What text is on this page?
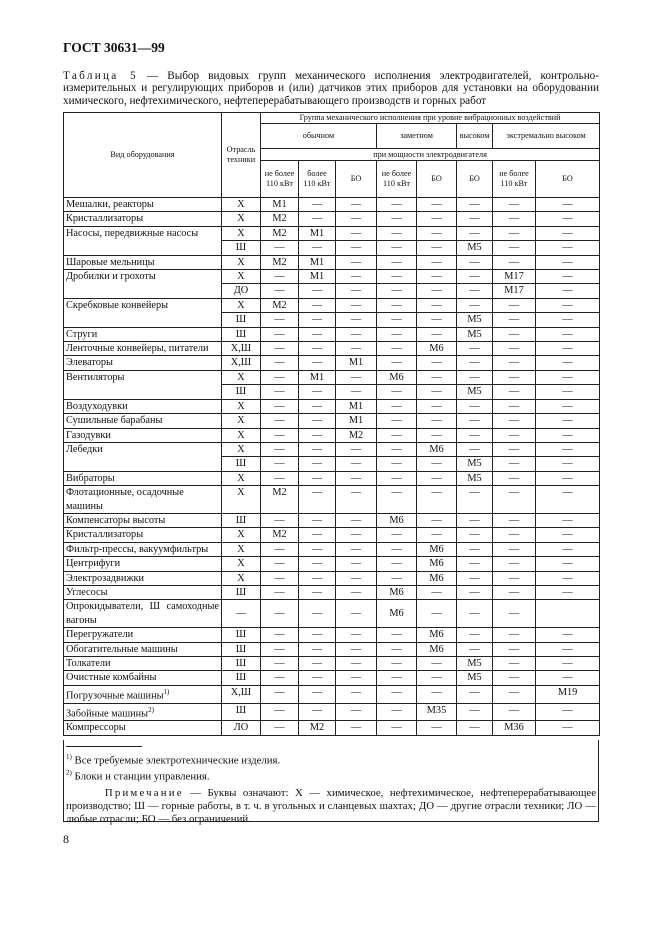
ГОСТ 30631—99
Таблица 5 — Выбор видовых групп механического исполнения электродвигателей, контрольно-измерительных и регулирующих приборов и (или) датчиков этих приборов для установки на оборудовании химического, нефтехимического, нефтеперерабатывающего производств и горных работ
Вид оборудования	Отрасль техники	Группа механического исполнения при уровне вибрационных воздействий							
		обычном			заметном		высоком	экстремально высоком	
		при мощности электродвигателя							
		не более 110 кВт	более 110 кВт	БО	не более 110 кВт	БО	БО	не более 110 кВт	БО
Мешалки, реакторы	Х	М1	—	—	—	—	—	—	—
Кристаллизаторы	Х	М2	—	—	—	—	—	—	—
Насосы, передвижные насосы	Х	М2	М1	—	—	—	—	—	—
	Ш	—	—	—	—	—	М5	—	—
Шаровые мельницы	Х	М2	М1	—	—	—	—	—	—
Дробилки и грохоты	Х	—	М1	—	—	—	—	М17	—
	ДО	—	—	—	—	—	—	М17	—
Скребковые конвейеры	Х	М2	—	—	—	—	—	—	—
	Ш	—	—	—	—	—	М5	—	—
Струги	Ш	—	—	—	—	—	М5	—	—
Ленточные конвейеры, питатели	Х,Ш	—	—	—	—	М6	—	—	—
Элеваторы	Х,Ш	—	—	М1	—	—	—	—	—
Вентиляторы	Х	—	М1	—	М6	—	—	—	—
	Ш	—	—	—	—	—	М5	—	—
Воздуходувки	Х	—	—	М1	—	—	—	—	—
Сушильные барабаны	Х	—	—	М1	—	—	—	—	—
Газодувки	Х	—	—	М2	—	—	—	—	—
Лебедки	Х	—	—	—	—	М6	—	—	—
	Ш	—	—	—	—	—	М5	—	—
Вибраторы	Х	—	—	—	—	—	М5	—	—
Флотационные, осадочные машины	Х	М2	—	—	—	—	—	—	—
Компенсаторы высоты	Ш	—	—	—	М6	—	—	—	—
Кристаллизаторы	Х	М2	—	—	—	—	—	—	—
Фильтр-прессы, вакуумфильтры	Х	—	—	—	—	М6	—	—	—
Центрифуги	Х	—	—	—	—	М6	—	—	—
Электрозадвижки	Х	—	—	—	—	М6	—	—	—
Углесосы	Ш	—	—	—	М6	—	—	—	—
Опрокидыватели, Ш самоходные вагоны	—	—	—	—	М6	—	—	—	
Перегружатели	Ш	—	—	—	—	М6	—	—	—
Обогатительные машины	Ш	—	—	—	—	М6	—	—	—
Толкатели	Ш	—	—	—	—	—	М5	—	—
Очистные комбайны	Ш	—	—	—	—	—	М5	—	—
Погрузочные машины$^{1)}$	Х,Ш	—	—	—	—	—	—	—	М19
Забойные машины$^{2)}$	Ш	—	—	—	—	М35	—	—	—
Компрессоры	ЛО	—	М2	—	—	—	—	М36	—
$^{1)}$ Все требуемые электротехнические изделия.
$^{2)}$ Блоки и станции управления.
Примечание — Буквы означают: Х — химическое, нефтехимическое, нефтеперерабатывающее производство; Ш — горные работы, в т. ч. в угольных и сланцевых шахтах; ДО — другие отрасли техники; ЛО — любые отрасли; БО — без ограничений.
8
